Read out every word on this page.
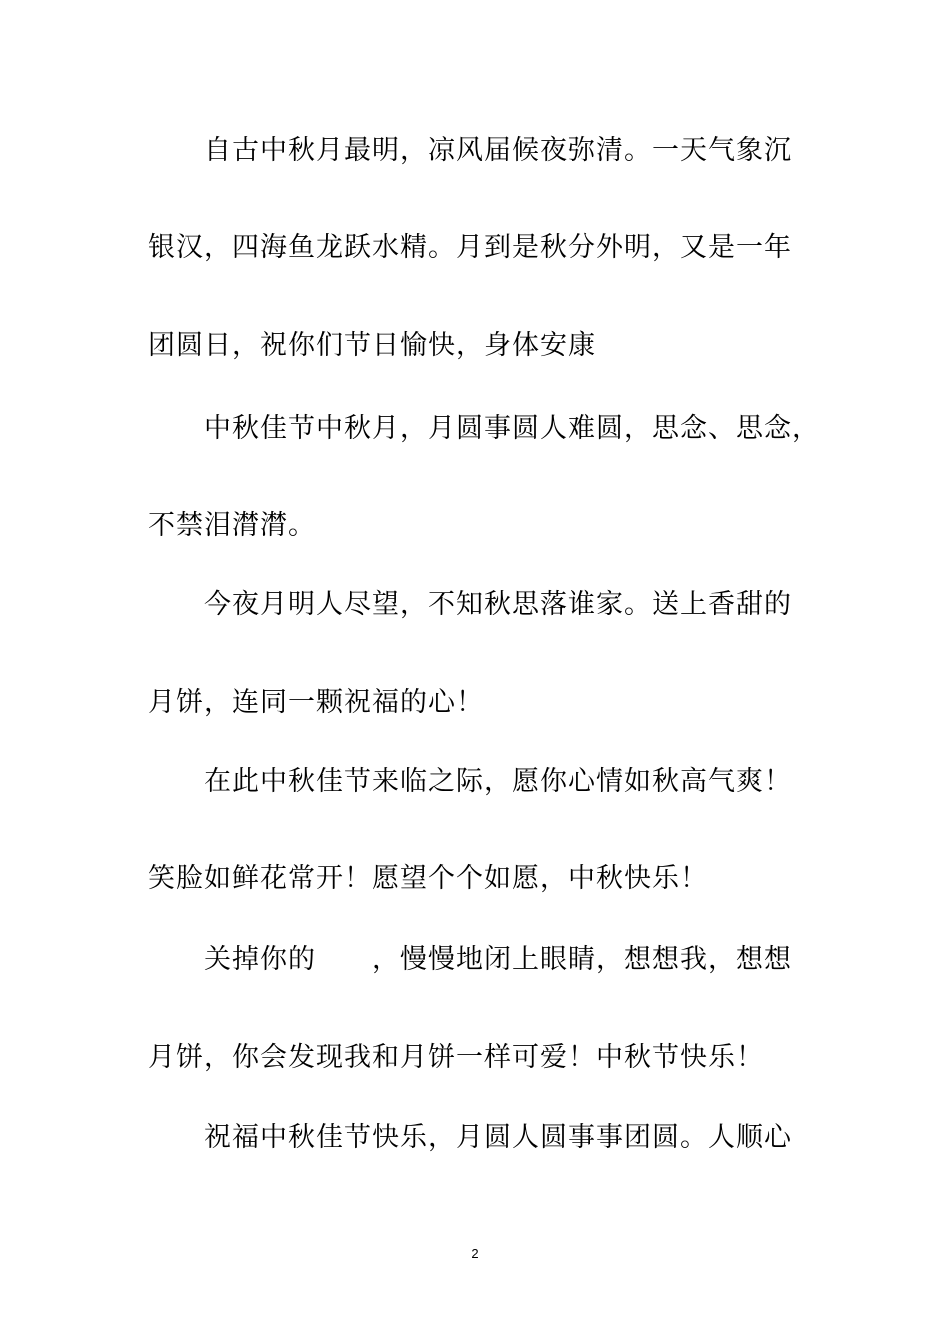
自古中秋月最明，凉风届候夜弥清。一天气象沉
银汉，四海鱼龙跃水精。月到是秋分外明，又是一年
团圆日，祝你们节日愉快，身体安康
中秋佳节中秋月，月圆事圆人难圆，思念、思念，
不禁泪潸潸。
今夜月明人尽望，不知秋思落谁家。送上香甜的
月饼，连同一颗祝福的心！
在此中秋佳节来临之际，愿你心情如秋高气爽！
笑脸如鲜花常开！愿望个个如愿，中秋快乐！
关掉你的　　，慢慢地闭上眼睛，想想我，想想
月饼，你会发现我和月饼一样可爱！中秋节快乐！
祝福中秋佳节快乐，月圆人圆事事团圆。人顺心
2
